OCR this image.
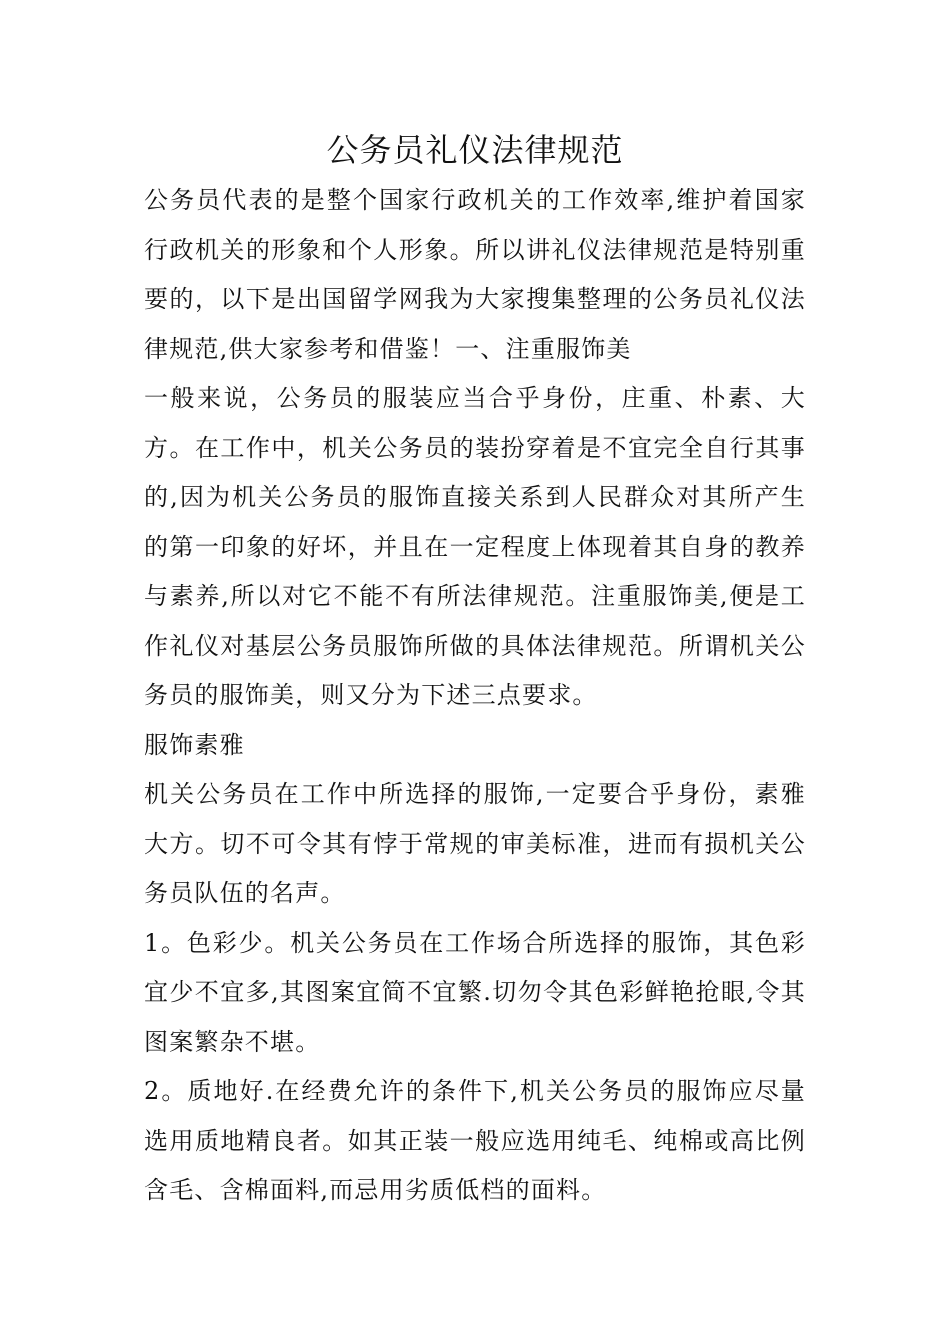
公务员礼仪法律规范

公务员代表的是整个国家行政机关的工作效率,维护着国家行政机关的形象和个人形象。所以讲礼仪法律规范是特别重要的，以下是出国留学网我为大家搜集整理的公务员礼仪法律规范,供大家参考和借鉴！一、注重服饰美

一般来说，公务员的服装应当合乎身份，庄重、朴素、大方。在工作中，机关公务员的装扮穿着是不宜完全自行其事的,因为机关公务员的服饰直接关系到人民群众对其所产生的第一印象的好坏，并且在一定程度上体现着其自身的教养与素养,所以对它不能不有所法律规范。注重服饰美,便是工作礼仪对基层公务员服饰所做的具体法律规范。所谓机关公务员的服饰美，则又分为下述三点要求。

服饰素雅

机关公务员在工作中所选择的服饰,一定要合乎身份，素雅大方。切不可令其有悖于常规的审美标准，进而有损机关公务员队伍的名声。

1。色彩少。机关公务员在工作场合所选择的服饰，其色彩宜少不宜多,其图案宜简不宜繁.切勿令其色彩鲜艳抢眼,令其图案繁杂不堪。

2。质地好.在经费允许的条件下,机关公务员的服饰应尽量选用质地精良者。如其正装一般应选用纯毛、纯棉或高比例含毛、含棉面料,而忌用劣质低档的面料。
